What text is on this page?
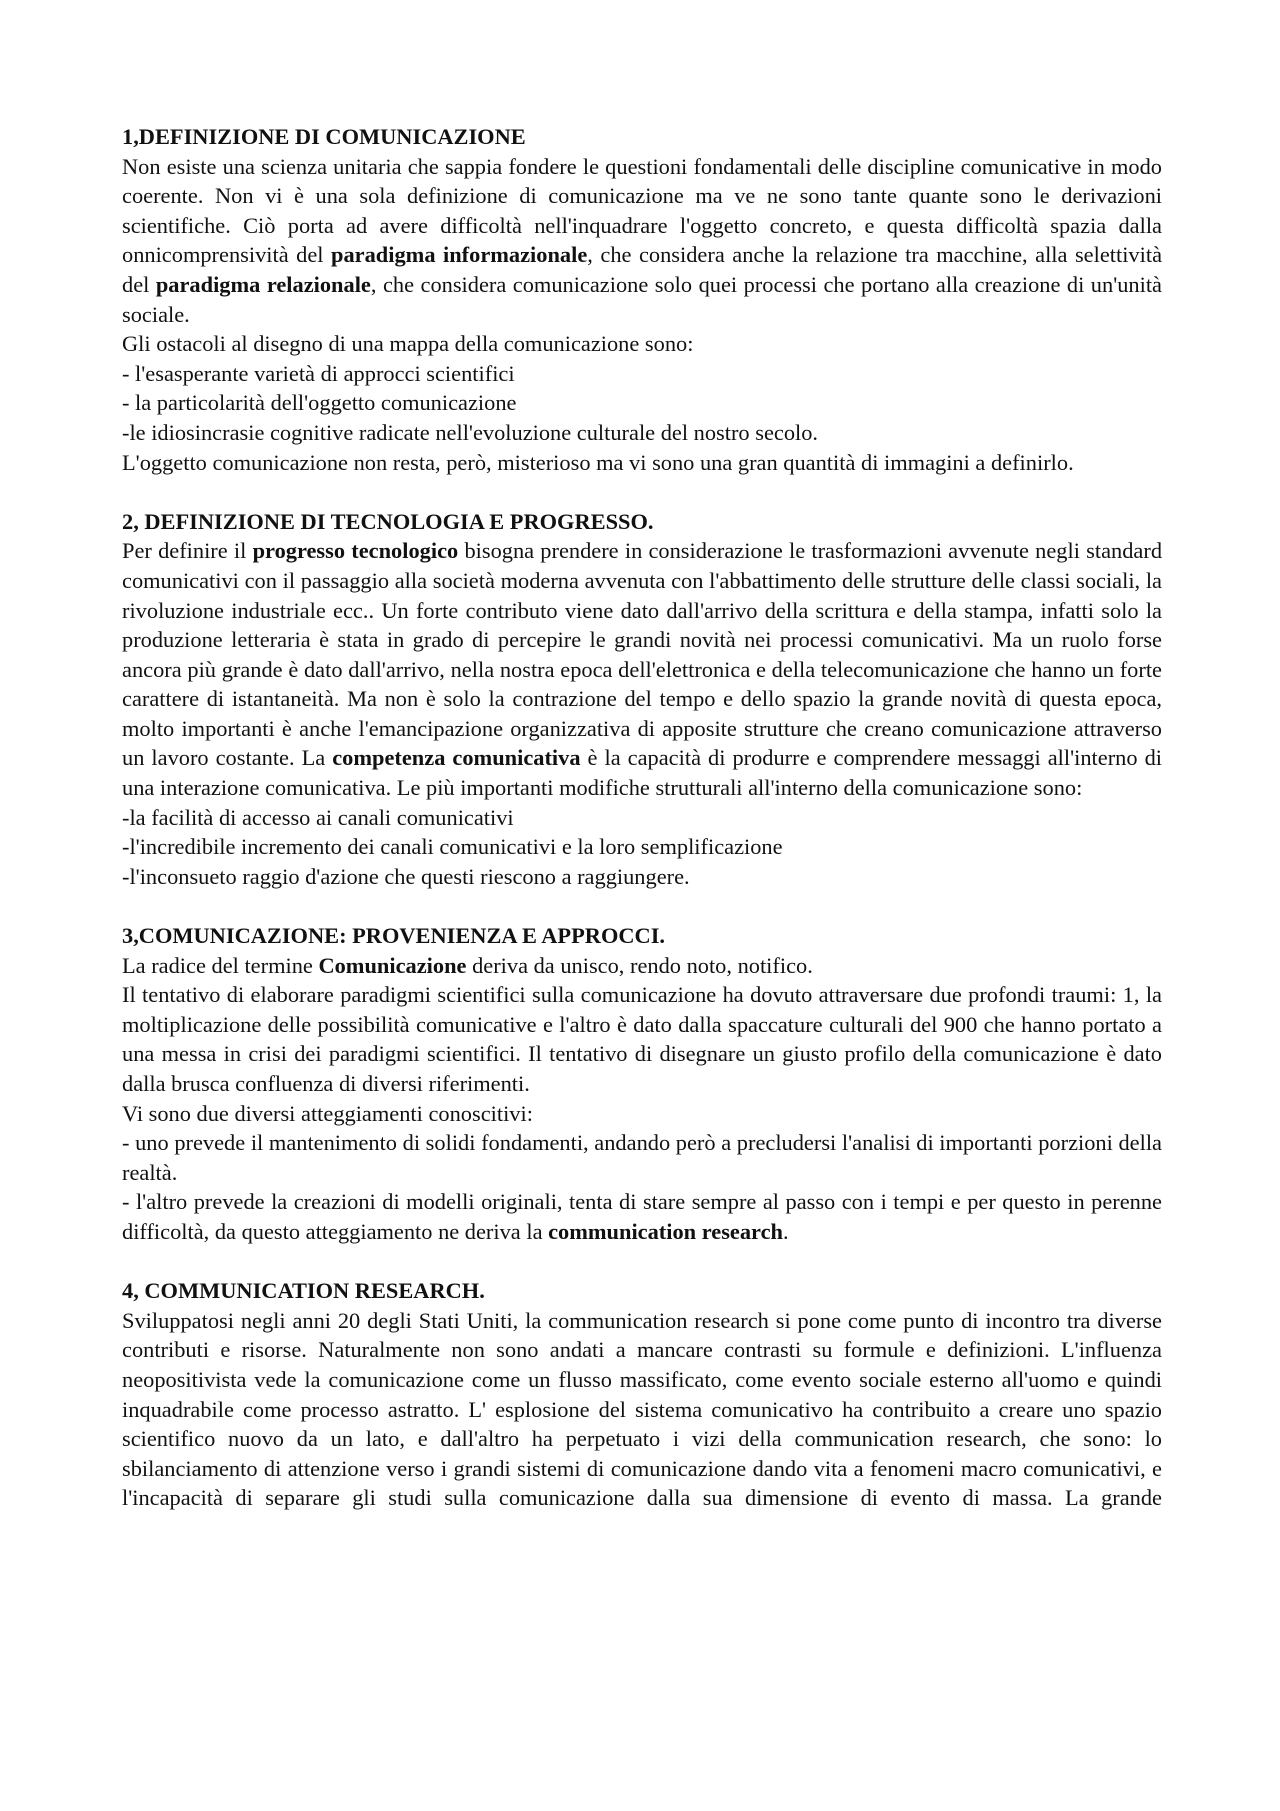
1,DEFINIZIONE DI COMUNICAZIONE

Non esiste una scienza unitaria che sappia fondere le questioni fondamentali delle discipline comunicative in modo coerente. Non vi è una sola definizione di comunicazione ma ve ne sono tante quante sono le derivazioni scientifiche. Ciò porta ad avere difficoltà nell'inquadrare l'oggetto concreto, e questa difficoltà spazia dalla onnicomprensività del paradigma informazionale, che considera anche la relazione tra macchine, alla selettività del paradigma relazionale, che considera comunicazione solo quei processi che portano alla creazione di un'unità sociale.

Gli ostacoli al disegno di una mappa della comunicazione sono:

- l'esasperante varietà di approcci scientifici

- la particolarità dell'oggetto comunicazione

-le idiosincrasie cognitive radicate nell'evoluzione culturale del nostro secolo.

L'oggetto comunicazione non resta, però, misterioso ma vi sono una gran quantità di immagini a definirlo.

2, DEFINIZIONE DI TECNOLOGIA E PROGRESSO.

Per definire il progresso tecnologico bisogna prendere in considerazione le trasformazioni avvenute negli standard comunicativi con il passaggio alla società moderna avvenuta con l'abbattimento delle strutture delle classi sociali, la rivoluzione industriale ecc.. Un forte contributo viene dato dall'arrivo della scrittura e della stampa, infatti solo la produzione letteraria è stata in grado di percepire le grandi novità nei processi comunicativi. Ma un ruolo forse ancora più grande è dato dall'arrivo, nella nostra epoca dell'elettronica e della telecomunicazione che hanno un forte carattere di istantaneità. Ma non è solo la contrazione del tempo e dello spazio la grande novità di questa epoca, molto importanti è anche l'emancipazione organizzativa di apposite strutture che creano comunicazione attraverso un lavoro costante. La competenza comunicativa è la capacità di produrre e comprendere messaggi all'interno di una interazione comunicativa. Le più importanti modifiche strutturali all'interno della comunicazione sono:

-la facilità di accesso ai canali comunicativi

-l'incredibile incremento dei canali comunicativi e la loro semplificazione

-l'inconsueto raggio d'azione che questi riescono a raggiungere.

3,COMUNICAZIONE: PROVENIENZA E APPROCCI.

La radice del termine Comunicazione deriva da unisco, rendo noto, notifico.

Il tentativo di elaborare paradigmi scientifici sulla comunicazione ha dovuto attraversare due profondi traumi: 1, la moltiplicazione delle possibilità comunicative e l'altro è dato dalla spaccature culturali del 900 che hanno portato a una messa in crisi dei paradigmi scientifici. Il tentativo di disegnare un giusto profilo della comunicazione è dato dalla brusca confluenza di diversi riferimenti.

Vi sono due diversi atteggiamenti conoscitivi:

- uno prevede il mantenimento di solidi fondamenti, andando però a precludersi l'analisi di importanti porzioni della realtà.

- l'altro prevede la creazioni di modelli originali, tenta di stare sempre al passo con i tempi e per questo in perenne difficoltà, da questo atteggiamento ne deriva la communication research.

4, COMMUNICATION RESEARCH.

Sviluppatosi negli anni 20 degli Stati Uniti, la communication research si pone come punto di incontro tra diverse contributi e risorse. Naturalmente non sono andati a mancare contrasti su formule e definizioni. L'influenza neopositivista vede la comunicazione come un flusso massificato, come evento sociale esterno all'uomo e quindi inquadrabile come processo astratto. L' esplosione del sistema comunicativo ha contribuito a creare uno spazio scientifico nuovo da un lato, e dall'altro ha perpetuato i vizi della communication research, che sono: lo sbilanciamento di attenzione verso i grandi sistemi di comunicazione dando vita a fenomeni macro comunicativi, e l'incapacità di separare gli studi sulla comunicazione dalla sua dimensione di evento di massa. La grande
